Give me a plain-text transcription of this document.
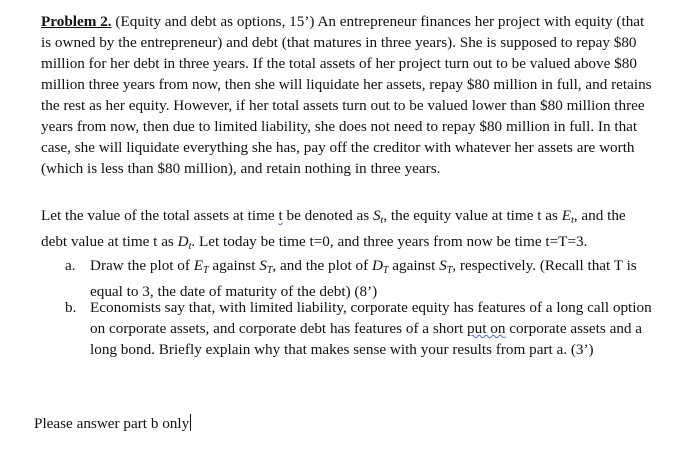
Problem 2. (Equity and debt as options, 15’) An entrepreneur finances her project with equity (that is owned by the entrepreneur) and debt (that matures in three years). She is supposed to repay $80 million for her debt in three years. If the total assets of her project turn out to be valued above $80 million three years from now, then she will liquidate her assets, repay $80 million in full, and retains the rest as her equity. However, if her total assets turn out to be valued lower than $80 million three years from now, then due to limited liability, she does not need to repay $80 million in full. In that case, she will liquidate everything she has, pay off the creditor with whatever her assets are worth (which is less than $80 million), and retain nothing in three years.
Let the value of the total assets at time t be denoted as $S_t$, the equity value at time t as $E_t$, and the debt value at time t as $D_t$. Let today be time t=0, and three years from now be time t=T=3.
a. Draw the plot of $E_T$ against $S_T$, and the plot of $D_T$ against $S_T$, respectively. (Recall that T is equal to 3, the date of maturity of the debt) (8’)
b. Economists say that, with limited liability, corporate equity has features of a long call option on corporate assets, and corporate debt has features of a short put on corporate assets and a long bond. Briefly explain why that makes sense with your results from part a. (3’)
Please answer part b only
